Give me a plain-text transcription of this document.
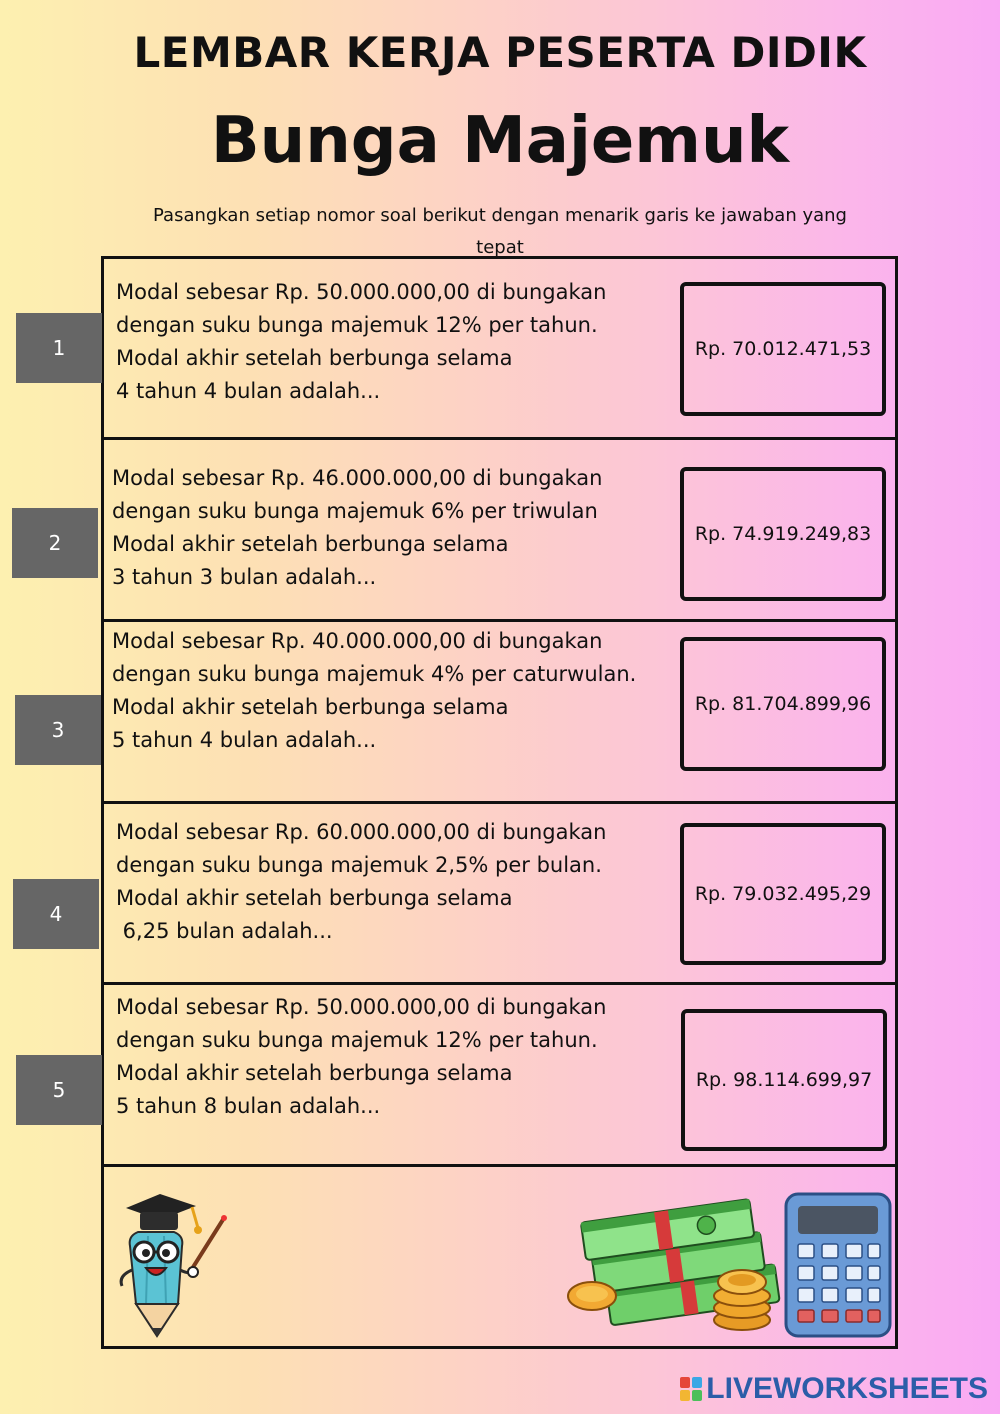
LEMBAR KERJA PESERTA DIDIK
Bunga Majemuk
Pasangkan setiap nomor soal berikut dengan menarik garis ke jawaban yang
tepat
1
Modal sebesar Rp. 50.000.000,00 di bungakan
dengan suku bunga majemuk 12% per tahun.
Modal akhir setelah berbunga selama
4 tahun 4 bulan adalah...
Rp. 70.012.471,53
2
Modal sebesar Rp. 46.000.000,00 di bungakan
dengan suku bunga majemuk 6% per triwulan
Modal akhir setelah berbunga selama
3 tahun 3 bulan adalah...
Rp. 74.919.249,83
3
Modal sebesar Rp. 40.000.000,00 di bungakan
dengan suku bunga majemuk 4% per caturwulan.
Modal akhir setelah berbunga selama
5 tahun 4 bulan adalah...
Rp. 81.704.899,96
4
Modal sebesar Rp. 60.000.000,00 di bungakan
dengan suku bunga majemuk 2,5% per bulan.
Modal akhir setelah berbunga selama
6,25 bulan adalah...
Rp. 79.032.495,29
5
Modal sebesar Rp. 50.000.000,00 di bungakan
dengan suku bunga majemuk 12% per tahun.
Modal akhir setelah berbunga selama
5 tahun 8 bulan adalah...
Rp. 98.114.699,97
LIVEWORKSHEETS
